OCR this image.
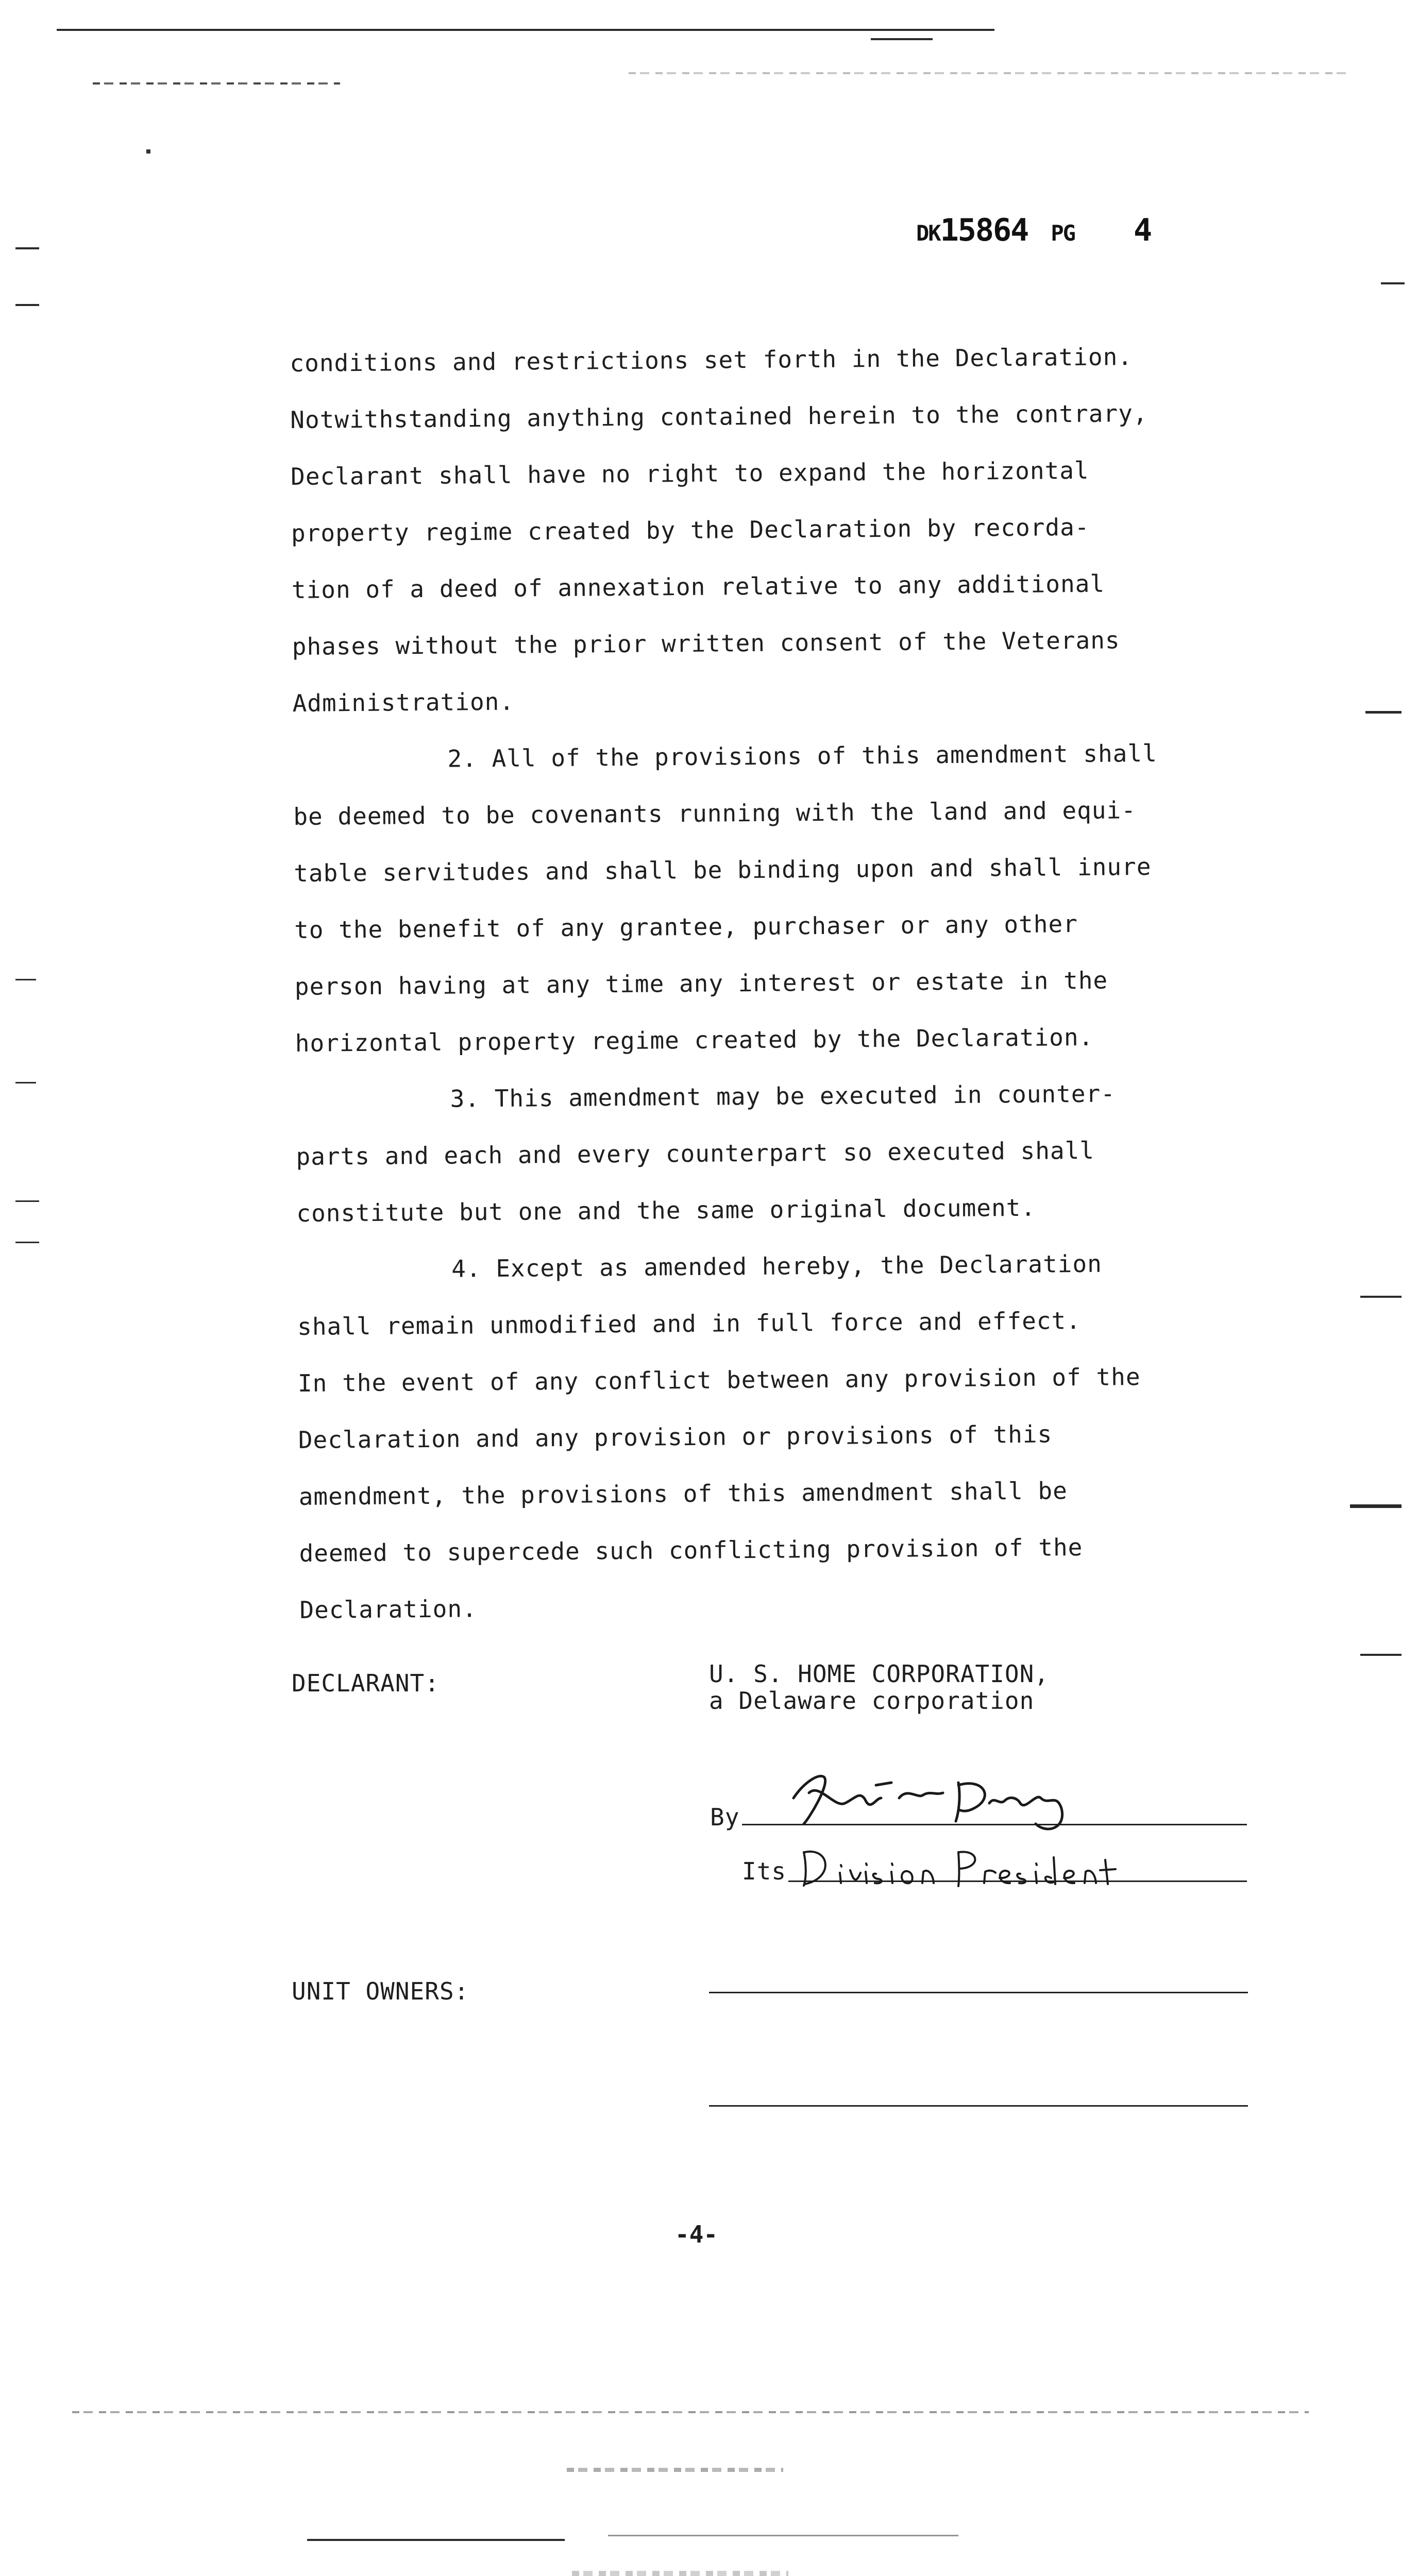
DK15864 PG 4
conditions and restrictions set forth in the Declaration.
Notwithstanding anything contained herein to the contrary,
Declarant shall have no right to expand the horizontal
property regime created by the Declaration by recorda-
tion of a deed of annexation relative to any additional
phases without the prior written consent of the Veterans
Administration.
2. All of the provisions of this amendment shall
be deemed to be covenants running with the land and equi-
table servitudes and shall be binding upon and shall inure
to the benefit of any grantee, purchaser or any other
person having at any time any interest or estate in the
horizontal property regime created by the Declaration.
3. This amendment may be executed in counter-
parts and each and every counterpart so executed shall
constitute but one and the same original document.
4. Except as amended hereby, the Declaration
shall remain unmodified and in full force and effect.
In the event of any conflict between any provision of the
Declaration and any provision or provisions of this
amendment, the provisions of this amendment shall be
deemed to supercede such conflicting provision of the
Declaration.
DECLARANT:	U. S. HOME CORPORATION,
a Delaware corporation
By
Its
UNIT OWNERS:
-4-
